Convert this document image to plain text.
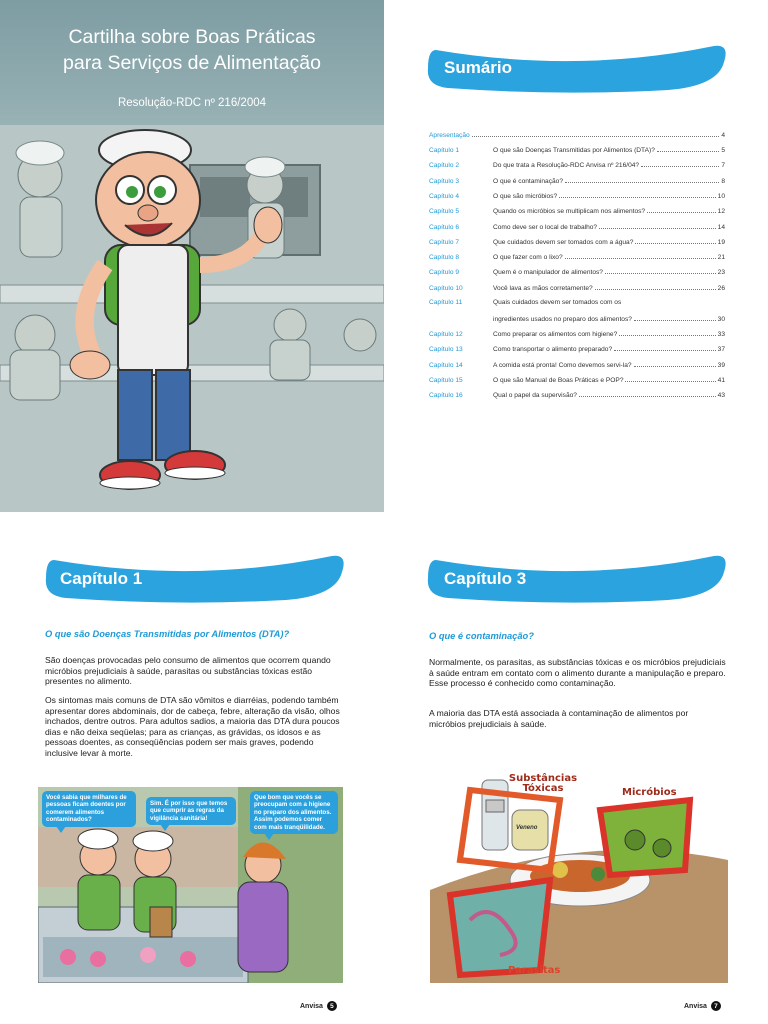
Cartilha sobre Boas Práticas
para Serviços de Alimentação
Resolução-RDC nº 216/2004
Sumário
Apresentação	4
Capítulo 1	O que são Doenças Transmitidas por Alimentos (DTA)?	5
Capítulo 2	Do que trata a Resolução-RDC Anvisa nº 216/04?	7
Capítulo 3	O que é contaminação?	8
Capítulo 4	O que são micróbios?	10
Capítulo 5	Quando os micróbios se multiplicam nos alimentos?	12
Capítulo 6	Como deve ser o local de trabalho?	14
Capítulo 7	Que cuidados devem ser tomados com a água?	19
Capítulo 8	O que fazer com o lixo?	21
Capítulo 9	Quem é o manipulador de alimentos?	23
Capítulo 10	Você lava as mãos corretamente?	26
Capítulo 11	Quais cuidados devem ser tomados com os
ingredientes usados no preparo dos alimentos?	30
Capítulo 12	Como preparar os alimentos com higiene?	33
Capítulo 13	Como transportar o alimento preparado?	37
Capítulo 14	A comida está pronta! Como devemos servi-la?	39
Capítulo 15	O que são Manual de Boas Práticas e POP?	41
Capítulo 16	Qual o papel da supervisão?	43
Capítulo 1
O que são Doenças Transmitidas por Alimentos (DTA)?
São doenças provocadas pelo consumo de alimentos que ocorrem quando micróbios prejudiciais à saúde, parasitas ou substâncias tóxicas estão presentes no alimento.
Os sintomas mais comuns de DTA são vômitos e diarréias, podendo também apresentar dores abdominais, dor de cabeça, febre, alteração da visão, olhos inchados, dentre outros. Para adultos sadios, a maioria das DTA dura poucos dias e não deixa seqüelas; para as crianças, as grávidas, os idosos e as pessoas doentes, as conseqüências podem ser mais graves, podendo inclusive levar à morte.
Você sabia que milhares de pessoas ficam doentes por comerem alimentos contaminados?
Sim. É por isso que temos que cumprir as regras da vigilância sanitária!
Que bom que vocês se preocupam com a higiene no preparo dos alimentos. Assim podemos comer com mais tranqüilidade.
Anvisa	5
Capítulo 3
O que é contaminação?
Normalmente, os parasitas, as substâncias tóxicas e os micróbios prejudiciais à saúde entram em contato com o alimento durante a manipulação e preparo. Esse processo é conhecido como contaminação.
A maioria das DTA está associada à contaminação de alimentos por micróbios prejudiciais à saúde.
Substâncias Tóxicas	Micróbios
Parasitas
Veneno
Anvisa	7
